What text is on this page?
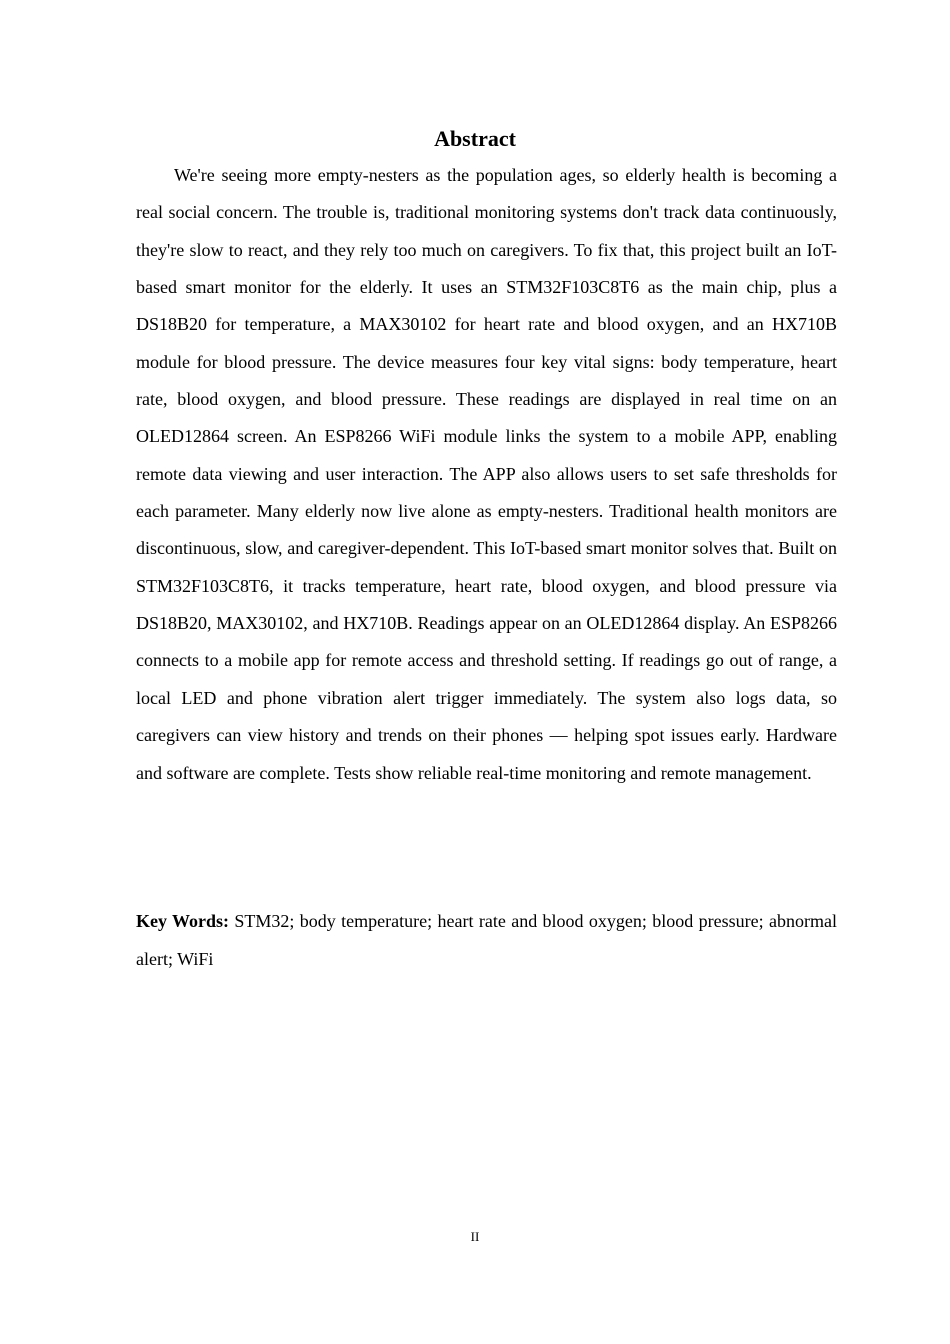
Abstract

We're seeing more empty-nesters as the population ages, so elderly health is becoming a real social concern. The trouble is, traditional monitoring systems don't track data continuously, they're slow to react, and they rely too much on caregivers. To fix that, this project built an IoT-based smart monitor for the elderly. It uses an STM32F103C8T6 as the main chip, plus a DS18B20 for temperature, a MAX30102 for heart rate and blood oxygen, and an HX710B module for blood pressure. The device measures four key vital signs: body temperature, heart rate, blood oxygen, and blood pressure. These readings are displayed in real time on an OLED12864 screen. An ESP8266 WiFi module links the system to a mobile APP, enabling remote data viewing and user interaction. The APP also allows users to set safe thresholds for each parameter. Many elderly now live alone as empty-nesters. Traditional health monitors are discontinuous, slow, and caregiver-dependent. This IoT-based smart monitor solves that. Built on STM32F103C8T6, it tracks temperature, heart rate, blood oxygen, and blood pressure via DS18B20, MAX30102, and HX710B. Readings appear on an OLED12864 display. An ESP8266 connects to a mobile app for remote access and threshold setting. If readings go out of range, a local LED and phone vibration alert trigger immediately. The system also logs data, so caregivers can view history and trends on their phones — helping spot issues early. Hardware and software are complete. Tests show reliable real-time monitoring and remote management.

Key Words: STM32; body temperature; heart rate and blood oxygen; blood pressure; abnormal alert; WiFi

II
